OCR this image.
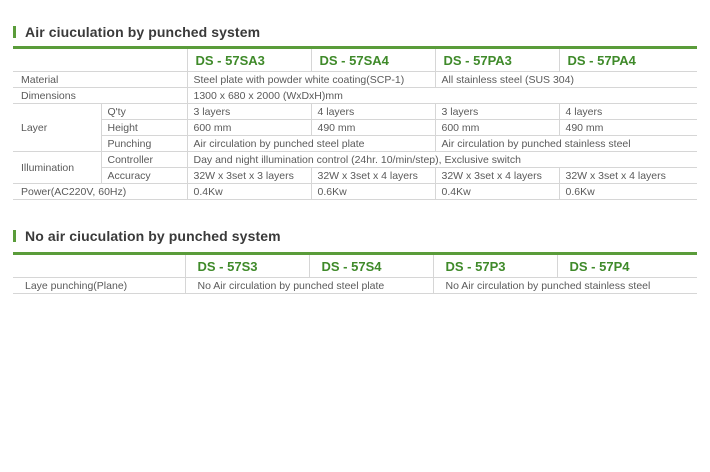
Air ciuculation by punched system
		DS - 57SA3	DS - 57SA4	DS - 57PA3	DS - 57PA4
Material		Steel plate with powder white coating(SCP-1)		All stainless steel (SUS 304)	
Dimensions		1300 x 680 x 2000 (WxDxH)mm			
Layer	Q'ty	3 layers	4 layers	3 layers	4 layers
	Height	600 mm	490 mm	600 mm	490 mm
	Punching	Air circulation by punched steel plate		Air circulation by punched stainless steel	
Illumination	Controller	Day and night illumination control (24hr. 10/min/step), Exclusive switch			
	Accuracy	32W x 3set x 3 layers	32W x 3set x 4 layers	32W x 3set x 4 layers	32W x 3set x 4 layers
Power(AC220V, 60Hz)		0.4Kw	0.6Kw	0.4Kw	0.6Kw
No air ciuculation by punched system
	DS - 57S3	DS - 57S4	DS - 57P3	DS - 57P4
Laye punching(Plane)	No Air circulation by punched steel plate		No Air circulation by punched stainless steel	
